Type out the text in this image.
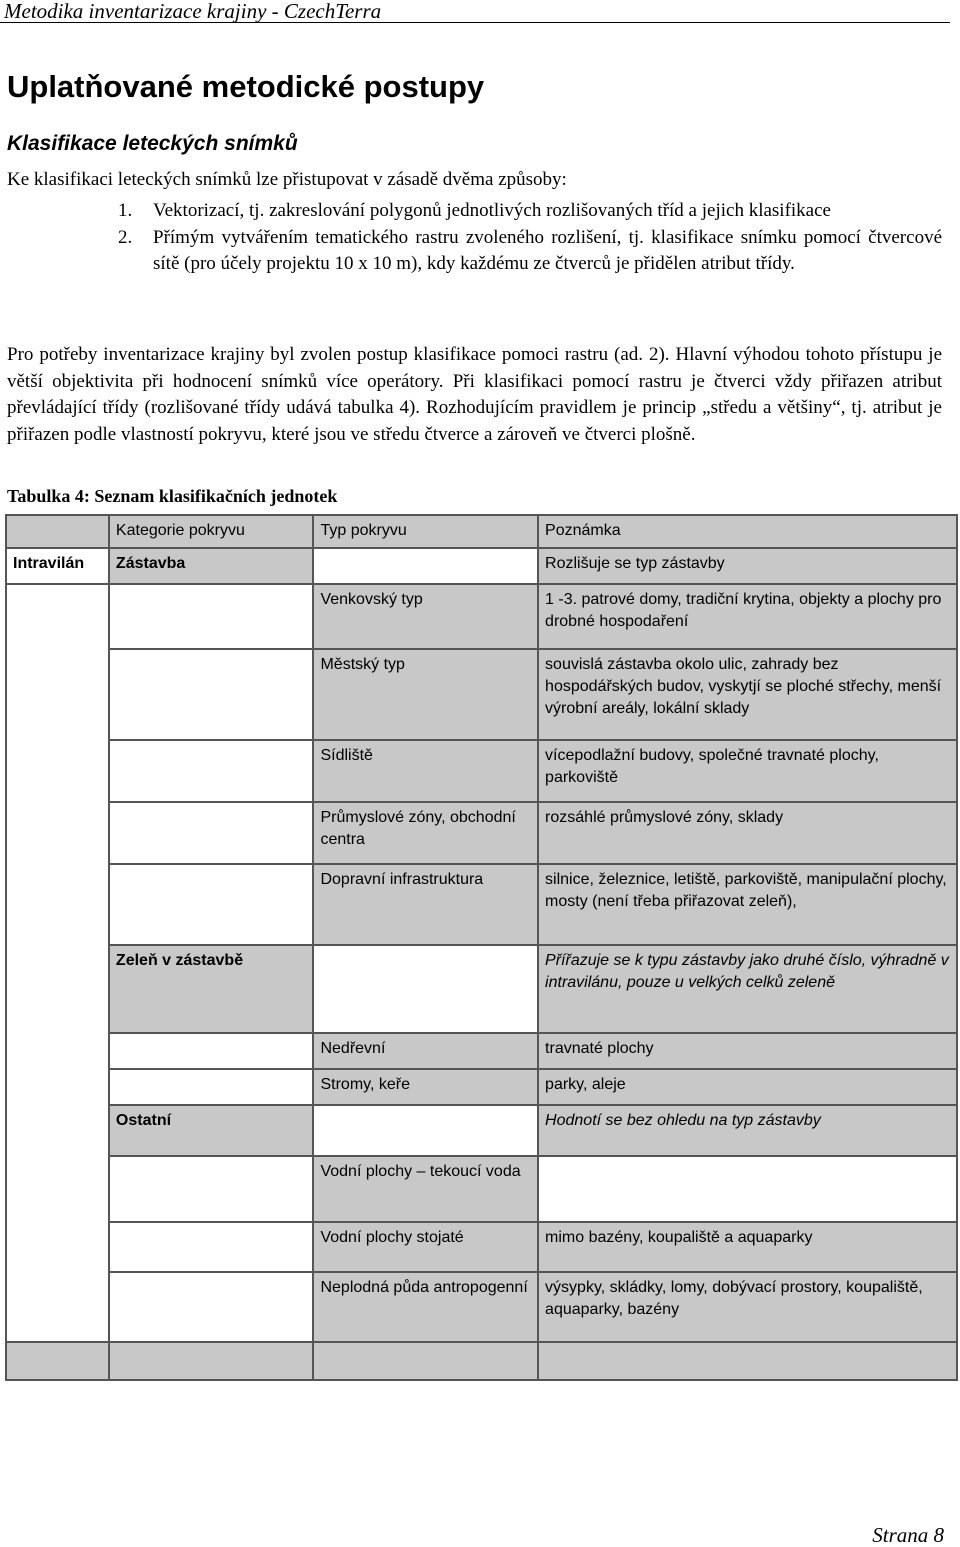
Metodika inventarizace krajiny - CzechTerra
Uplatňované metodické postupy
Klasifikace leteckých snímků
Ke klasifikaci leteckých snímků lze přistupovat v zásadě dvěma způsoby:
1. Vektorizací, tj. zakreslování polygonů jednotlivých rozlišovaných tříd a jejich klasifikace
2. Přímým vytvářením tematického rastru zvoleného rozlišení, tj. klasifikace snímku pomocí čtvercové sítě (pro účely projektu 10 x 10 m), kdy každému ze čtverců je přidělen atribut třídy.
Pro potřeby inventarizace krajiny byl zvolen postup klasifikace pomoci rastru (ad. 2). Hlavní výhodou tohoto přístupu je větší objektivita při hodnocení snímků více operátory. Při klasifikaci pomocí rastru je čtverci vždy přiřazen atribut převládající třídy (rozlišované třídy udává tabulka 4). Rozhodujícím pravidlem je princip „středu a většiny“, tj. atribut je přiřazen podle vlastností pokryvu, které jsou ve středu čtverce a zároveň ve čtverci plošně.
Tabulka 4: Seznam klasifikačních jednotek
	Kategorie pokryvu	Typ pokryvu	Poznámka
Intravilán	Zástavba		Rozlišuje se typ zástavby
		Venkovský typ	1 -3. patrové domy, tradiční krytina, objekty a plochy pro drobné hospodaření
		Městský typ	souvislá zástavba okolo ulic, zahrady bez hospodářských budov, vyskytjí se ploché střechy, menší výrobní areály, lokální sklady
		Sídliště	vícepodlažní budovy, společné travnaté plochy, parkoviště
		Průmyslové zóny, obchodní centra	rozsáhlé průmyslové zóny, sklady
		Dopravní infrastruktura	silnice, železnice, letiště, parkoviště, manipulační plochy, mosty (není třeba přiřazovat zeleň),
	Zeleň v zástavbě		Přířazuje se k typu zástavby jako druhé číslo, výhradně v intravilánu, pouze u velkých celků zeleně
		Nedřevní	travnaté plochy
		Stromy, keře	parky, aleje
	Ostatní		Hodnotí se bez ohledu na typ zástavby
		Vodní plochy – tekoucí voda	
		Vodní plochy stojaté	mimo bazény, koupaliště a aquaparky
		Neplodná půda antropogenní	výsypky, skládky, lomy, dobývací prostory, koupaliště, aquaparky, bazény

Strana 8
